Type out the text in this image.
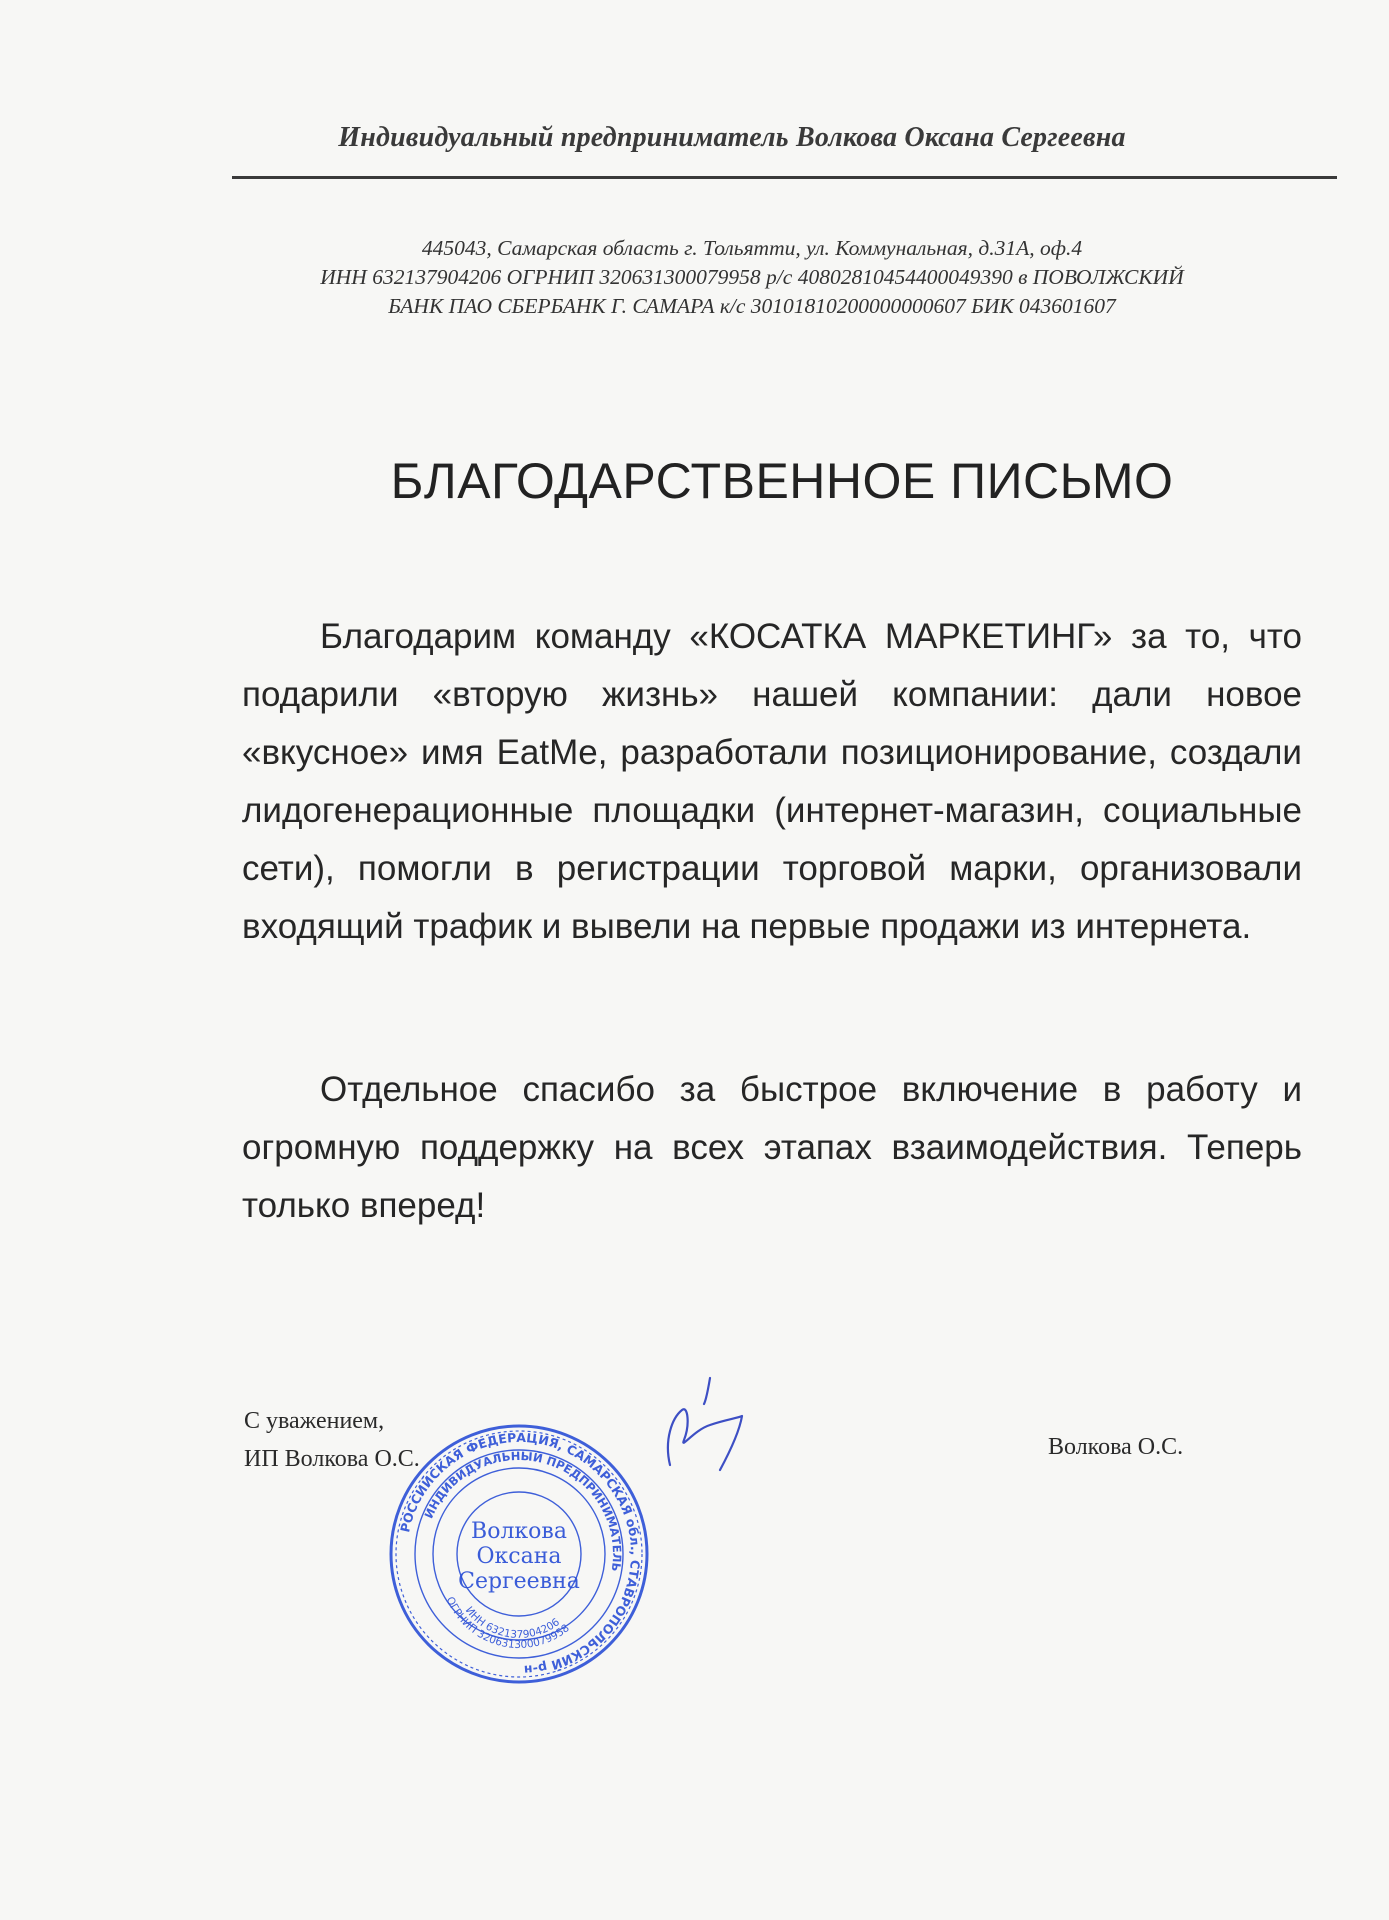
Индивидуальный предприниматель Волкова Оксана Сергеевна
445043, Самарская область г. Тольятти, ул. Коммунальная, д.31А, оф.4
ИНН 632137904206 ОГРНИП 320631300079958 р/с 40802810454400049390 в ПОВОЛЖСКИЙ
БАНК ПАО СБЕРБАНК Г. САМАРА к/с 30101810200000000607 БИК 043601607
БЛАГОДАРСТВЕННОЕ ПИСЬМО
Благодарим команду «КОСАТКА МАРКЕТИНГ» за то, что подарили «вторую жизнь» нашей компании: дали новое «вкусное» имя EatMe, разработали позиционирование, создали лидогенерационные площадки (интернет-магазин, социальные сети), помогли в регистрации торговой марки, организовали входящий трафик и вывели на первые продажи из интернета.
Отдельное спасибо за быстрое включение в работу и огромную поддержку на всех этапах взаимодействия. Теперь только вперед!
С уважением,
ИП Волкова О.С.	Волкова О.С.
РОССИЙСКАЯ ФЕДЕРАЦИЯ, САМАРСКАЯ обл., СТАВРОПОЛЬСКИЙ р-н
ИНДИВИДУАЛЬНЫЙ ПРЕДПРИНИМАТЕЛЬ
ОГРНИП 320631300079958
ИНН 632137904206
Волкова
Оксана
Сергеевна
